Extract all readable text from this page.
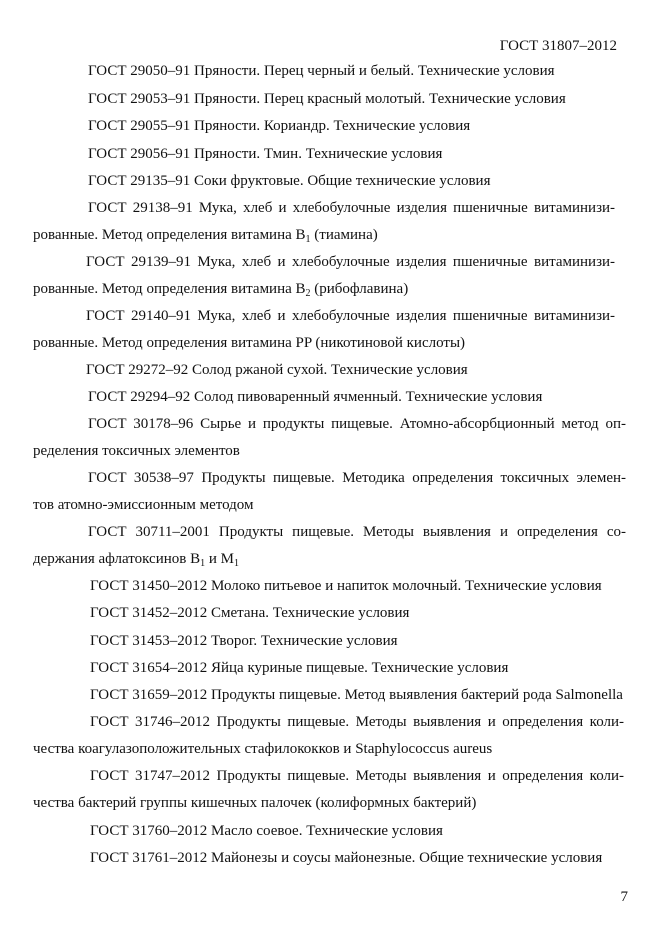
ГОСТ 31807–2012
ГОСТ 29050–91 Пряности. Перец черный и белый. Технические условия
ГОСТ 29053–91 Пряности. Перец красный молотый. Технические условия
ГОСТ 29055–91 Пряности. Кориандр. Технические условия
ГОСТ 29056–91 Пряности. Тмин. Технические условия
ГОСТ 29135–91 Соки фруктовые. Общие технические условия
ГОСТ 29138–91 Мука, хлеб и хлебобулочные изделия пшеничные витаминизи-
рованные. Метод определения витамина $B_1$ (тиамина)
ГОСТ 29139–91 Мука, хлеб и хлебобулочные изделия пшеничные витаминизи-
рованные. Метод определения витамина $B_2$ (рибофлавина)
ГОСТ 29140–91 Мука, хлеб и хлебобулочные изделия пшеничные витаминизи-
рованные. Метод определения витамина PP (никотиновой кислоты)
ГОСТ 29272–92 Солод ржаной сухой. Технические условия
ГОСТ 29294–92 Солод пивоваренный ячменный. Технические условия
ГОСТ 30178–96 Сырье и продукты пищевые. Атомно-абсорбционный метод оп-
ределения токсичных элементов
ГОСТ 30538–97 Продукты пищевые. Методика определения токсичных элемен-
тов атомно-эмиссионным методом
ГОСТ 30711–2001 Продукты пищевые. Методы выявления и определения со-
держания афлатоксинов $B_1$ и $M_1$
ГОСТ 31450–2012 Молоко питьевое и напиток молочный. Технические условия
ГОСТ 31452–2012 Сметана. Технические условия
ГОСТ 31453–2012 Творог. Технические условия
ГОСТ 31654–2012 Яйца куриные пищевые. Технические условия
ГОСТ 31659–2012 Продукты пищевые. Метод выявления бактерий рода Salmonella
ГОСТ 31746–2012 Продукты пищевые. Методы выявления и определения коли-
чества коагулазоположительных стафилококков и Staphylococcus aureus
ГОСТ 31747–2012 Продукты пищевые. Методы выявления и определения коли-
чества бактерий группы кишечных палочек (колиформных бактерий)
ГОСТ 31760–2012 Масло соевое. Технические условия
ГОСТ 31761–2012 Майонезы и соусы майонезные. Общие технические условия
7
